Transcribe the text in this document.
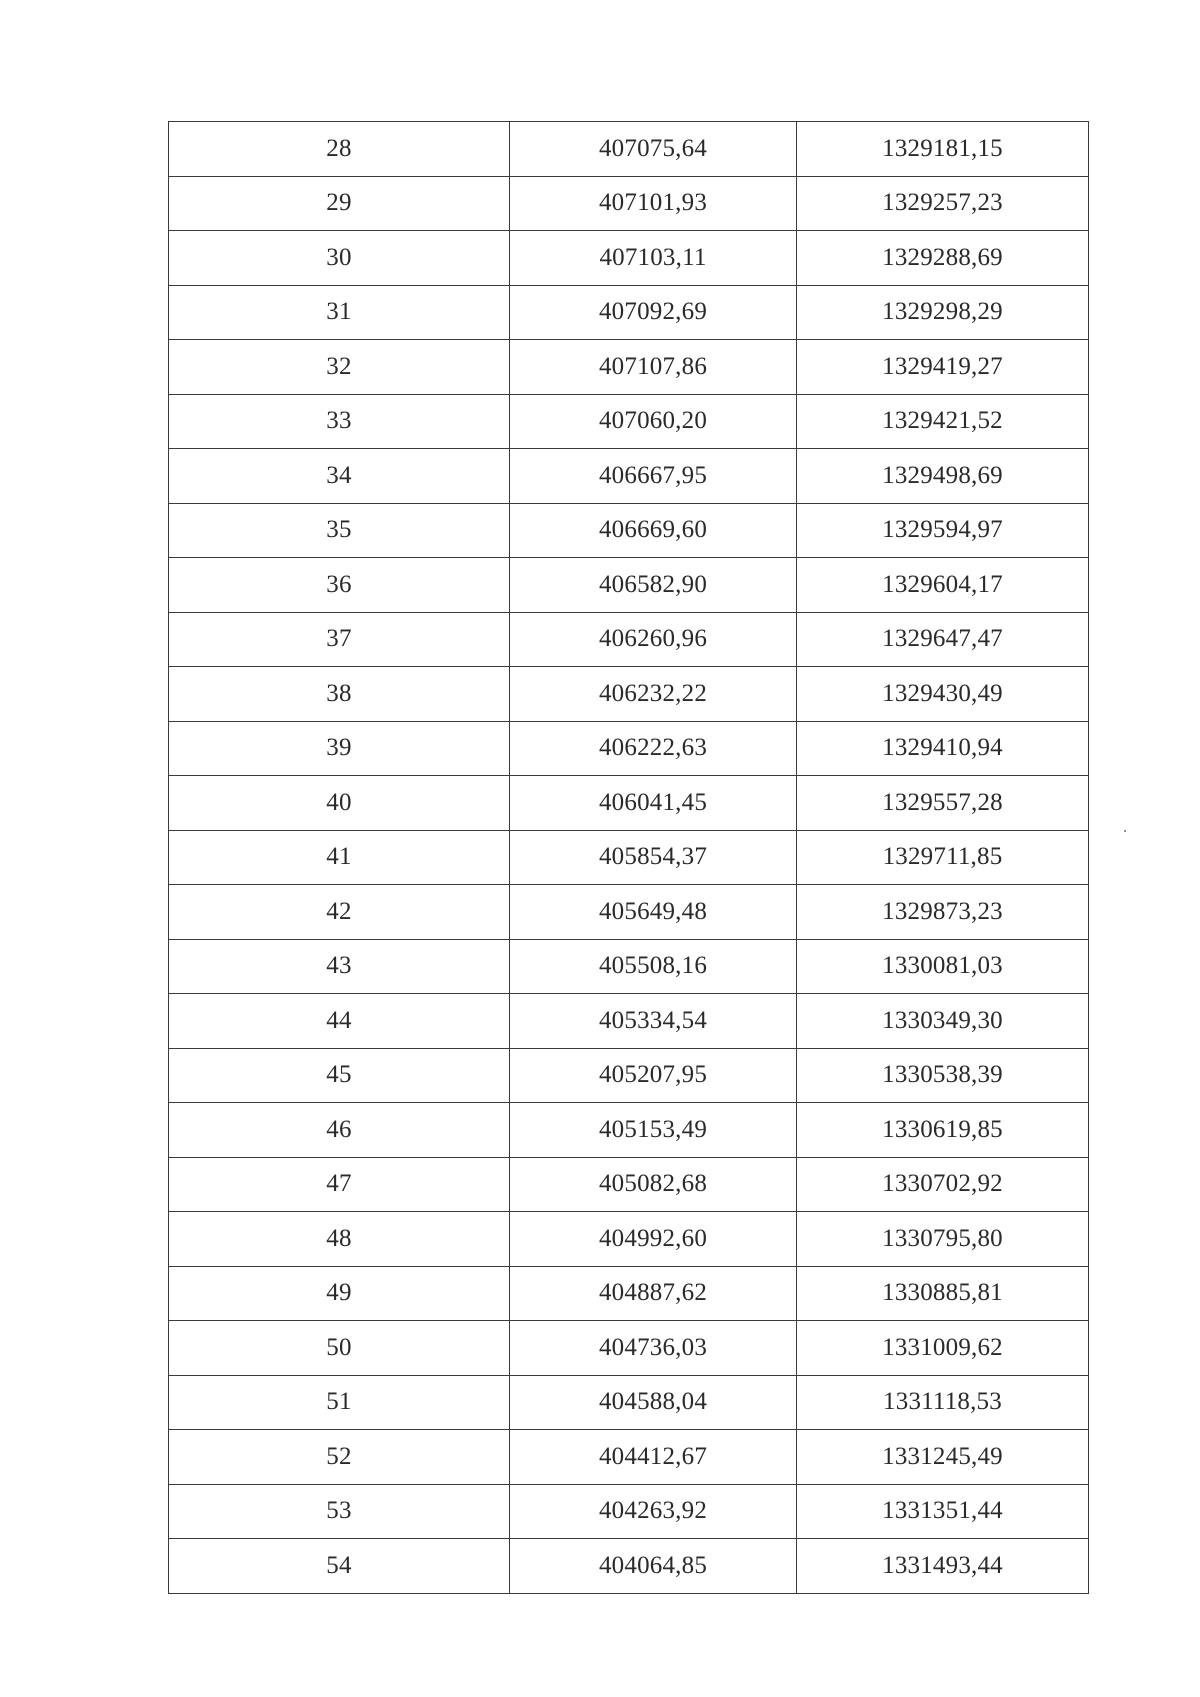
28	407075,64	1329181,15
29	407101,93	1329257,23
30	407103,11	1329288,69
31	407092,69	1329298,29
32	407107,86	1329419,27
33	407060,20	1329421,52
34	406667,95	1329498,69
35	406669,60	1329594,97
36	406582,90	1329604,17
37	406260,96	1329647,47
38	406232,22	1329430,49
39	406222,63	1329410,94
40	406041,45	1329557,28
41	405854,37	1329711,85
42	405649,48	1329873,23
43	405508,16	1330081,03
44	405334,54	1330349,30
45	405207,95	1330538,39
46	405153,49	1330619,85
47	405082,68	1330702,92
48	404992,60	1330795,80
49	404887,62	1330885,81
50	404736,03	1331009,62
51	404588,04	1331118,53
52	404412,67	1331245,49
53	404263,92	1331351,44
54	404064,85	1331493,44
